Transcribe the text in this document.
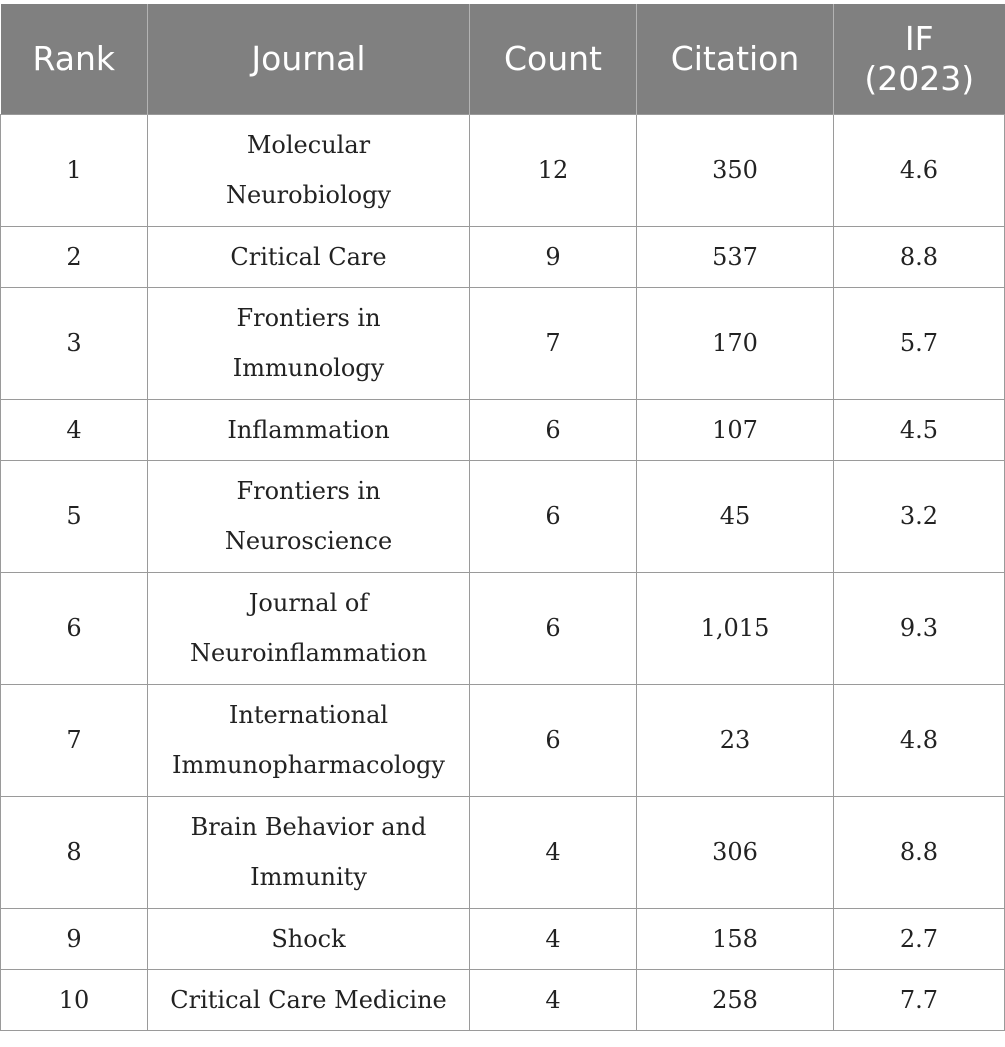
Rank	Journal	Count	Citation	IF
(2023)

1	Molecular
Neurobiology	12	350	4.6
2	Critical Care	9	537	8.8
3	Frontiers in
Immunology	7	170	5.7
4	Inflammation	6	107	4.5
5	Frontiers in
Neuroscience	6	45	3.2
6	Journal of
Neuroinflammation	6	1,015	9.3
7	International
Immunopharmacology	6	23	4.8
8	Brain Behavior and
Immunity	4	306	8.8
9	Shock	4	158	2.7
10	Critical Care Medicine	4	258	7.7
